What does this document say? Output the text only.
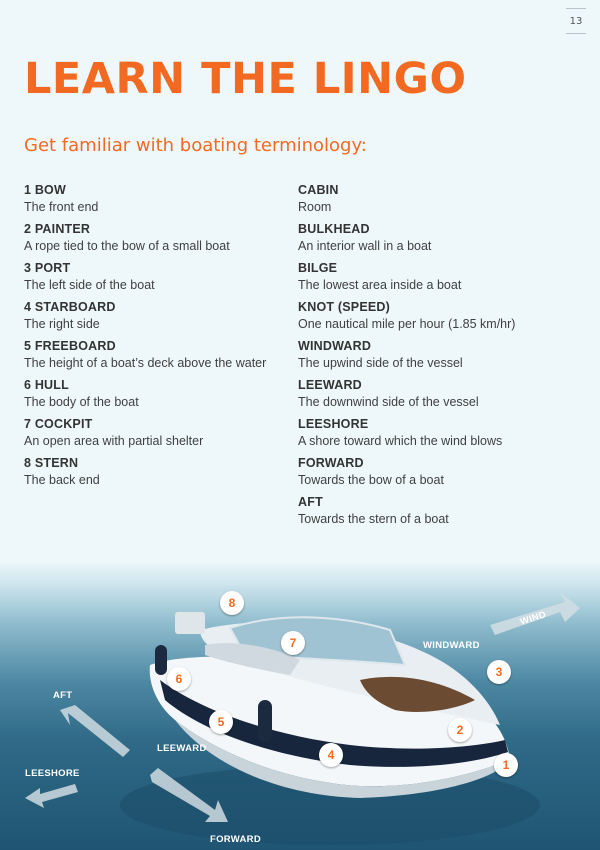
13
LEARN THE LINGO
Get familiar with boating terminology:
1 BOW
The front end
2 PAINTER
A rope tied to the bow of a small boat
3 PORT
The left side of the boat
4 STARBOARD
The right side
5 FREEBOARD
The height of a boat’s deck above the water
6 HULL
The body of the boat
7 COCKPIT
An open area with partial shelter
8 STERN
The back end
CABIN
Room
BULKHEAD
An interior wall in a boat
BILGE
The lowest area inside a boat
KNOT (SPEED)
One nautical mile per hour (1.85 km/hr)
WINDWARD
The upwind side of the vessel
LEEWARD
The downwind side of the vessel
LEESHORE
A shore toward which the wind blows
FORWARD
Towards the bow of a boat
AFT
Towards the stern of a boat
1
2
3
4
5
6
7
8
WIND
WINDWARD
AFT
LEEWARD
LEESHORE
FORWARD
